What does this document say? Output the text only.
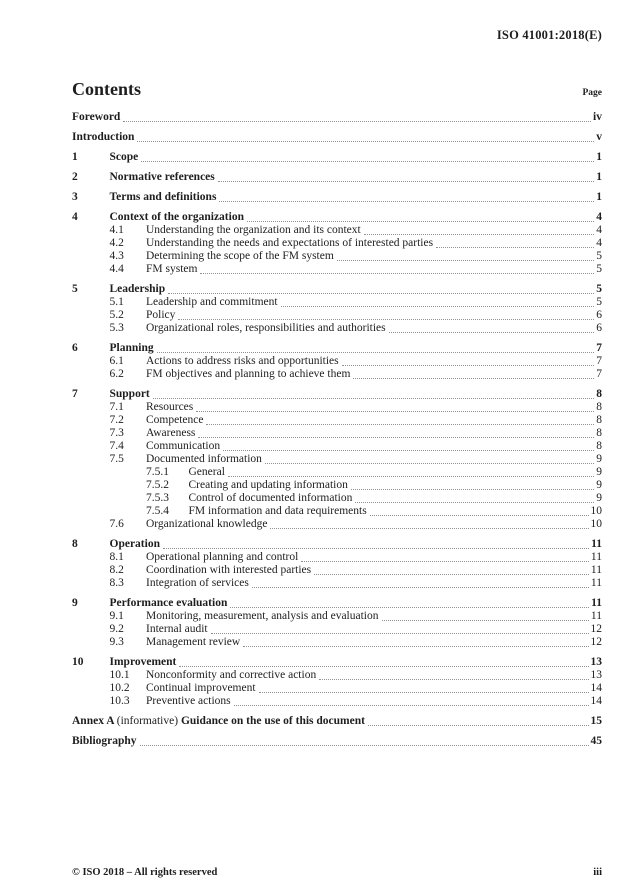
ISO 41001:2018(E)
Contents	Page
Foreword	iv
Introduction	v
1	Scope	1
2	Normative references	1
3	Terms and definitions	1
4	Context of the organization	4
4.1	Understanding the organization and its context	4
4.2	Understanding the needs and expectations of interested parties	4
4.3	Determining the scope of the FM system	5
4.4	FM system	5
5	Leadership	5
5.1	Leadership and commitment	5
5.2	Policy	6
5.3	Organizational roles, responsibilities and authorities	6
6	Planning	7
6.1	Actions to address risks and opportunities	7
6.2	FM objectives and planning to achieve them	7
7	Support	8
7.1	Resources	8
7.2	Competence	8
7.3	Awareness	8
7.4	Communication	8
7.5	Documented information	9
7.5.1	General	9
7.5.2	Creating and updating information	9
7.5.3	Control of documented information	9
7.5.4	FM information and data requirements	10
7.6	Organizational knowledge	10
8	Operation	11
8.1	Operational planning and control	11
8.2	Coordination with interested parties	11
8.3	Integration of services	11
9	Performance evaluation	11
9.1	Monitoring, measurement, analysis and evaluation	11
9.2	Internal audit	12
9.3	Management review	12
10	Improvement	13
10.1	Nonconformity and corrective action	13
10.2	Continual improvement	14
10.3	Preventive actions	14
Annex A (informative) Guidance on the use of this document	15
Bibliography	45
© ISO 2018 – All rights reserved	iii
